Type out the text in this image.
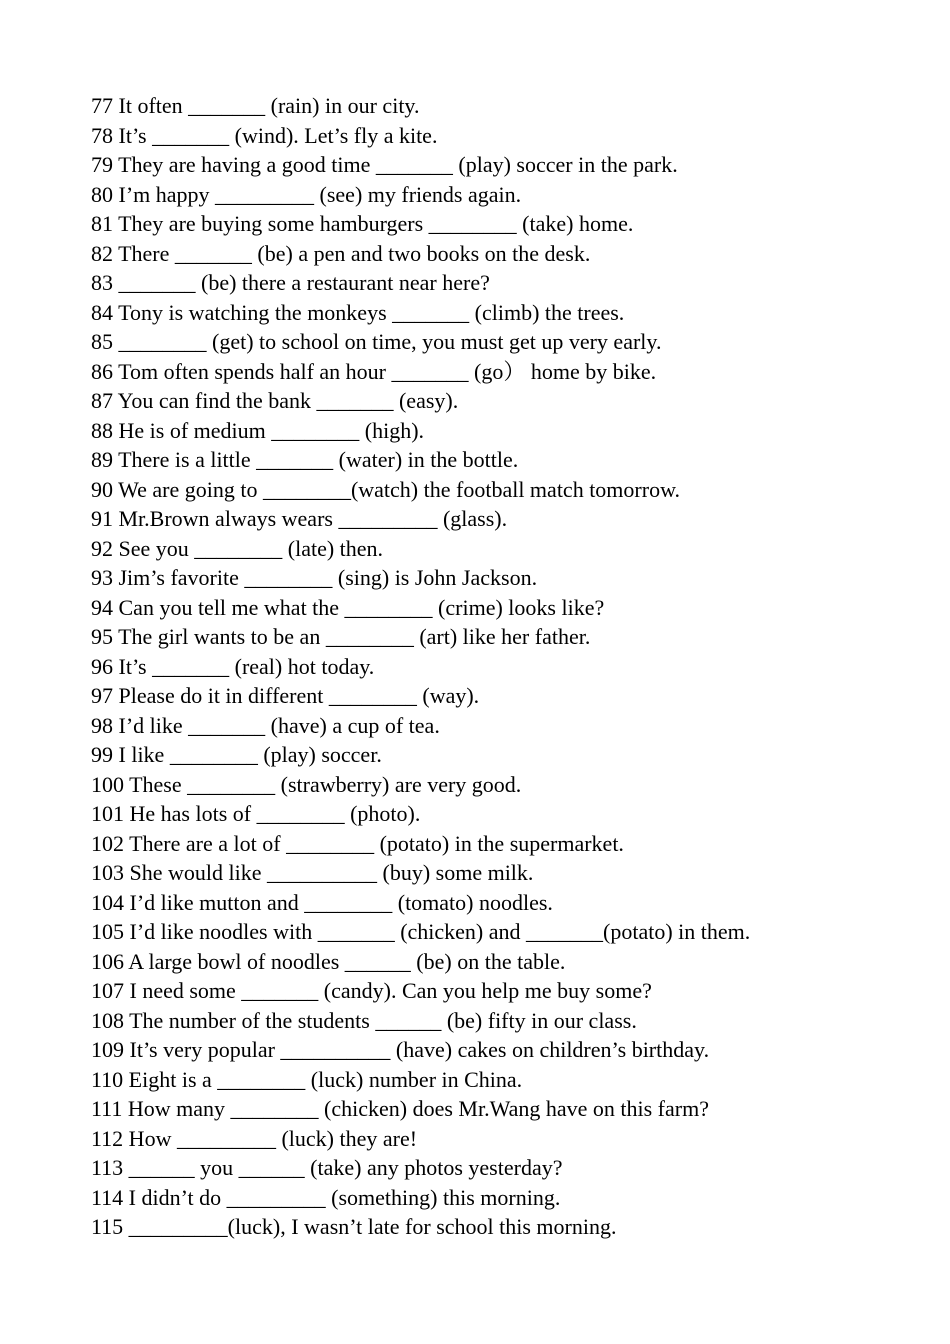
77 It often _______ (rain) in our city.
78 It’s _______ (wind). Let’s fly a kite.
79 They are having a good time _______ (play) soccer in the park.
80 I’m happy _________ (see) my friends again.
81 They are buying some hamburgers ________ (take) home.
82 There _______ (be) a pen and two books on the desk.
83 _______ (be) there a restaurant near here?
84 Tony is watching the monkeys _______ (climb) the trees.
85 ________ (get) to school on time, you must get up very early.
86 Tom often spends half an hour _______ (go） home by bike.
87 You can find the bank _______ (easy).
88 He is of medium ________ (high).
89 There is a little _______ (water) in the bottle.
90 We are going to ________(watch) the football match tomorrow.
91 Mr.Brown always wears _________ (glass).
92 See you ________ (late) then.
93 Jim’s favorite ________ (sing) is John Jackson.
94 Can you tell me what the ________ (crime) looks like?
95 The girl wants to be an ________ (art) like her father.
96 It’s _______ (real) hot today.
97 Please do it in different ________ (way).
98 I’d like _______ (have) a cup of tea.
99 I like ________ (play) soccer.
100 These ________ (strawberry) are very good.
101 He has lots of ________ (photo).
102 There are a lot of ________ (potato) in the supermarket.
103 She would like __________ (buy) some milk.
104 I’d like mutton and ________ (tomato) noodles.
105 I’d like noodles with _______ (chicken) and _______(potato) in them.
106 A large bowl of noodles ______ (be) on the table.
107 I need some _______ (candy). Can you help me buy some?
108 The number of the students ______ (be) fifty in our class.
109 It’s very popular __________ (have) cakes on children’s birthday.
110 Eight is a ________ (luck) number in China.
111 How many ________ (chicken) does Mr.Wang have on this farm?
112 How _________ (luck) they are!
113 ______ you ______ (take) any photos yesterday?
114 I didn’t do _________ (something) this morning.
115 _________(luck), I wasn’t late for school this morning.
